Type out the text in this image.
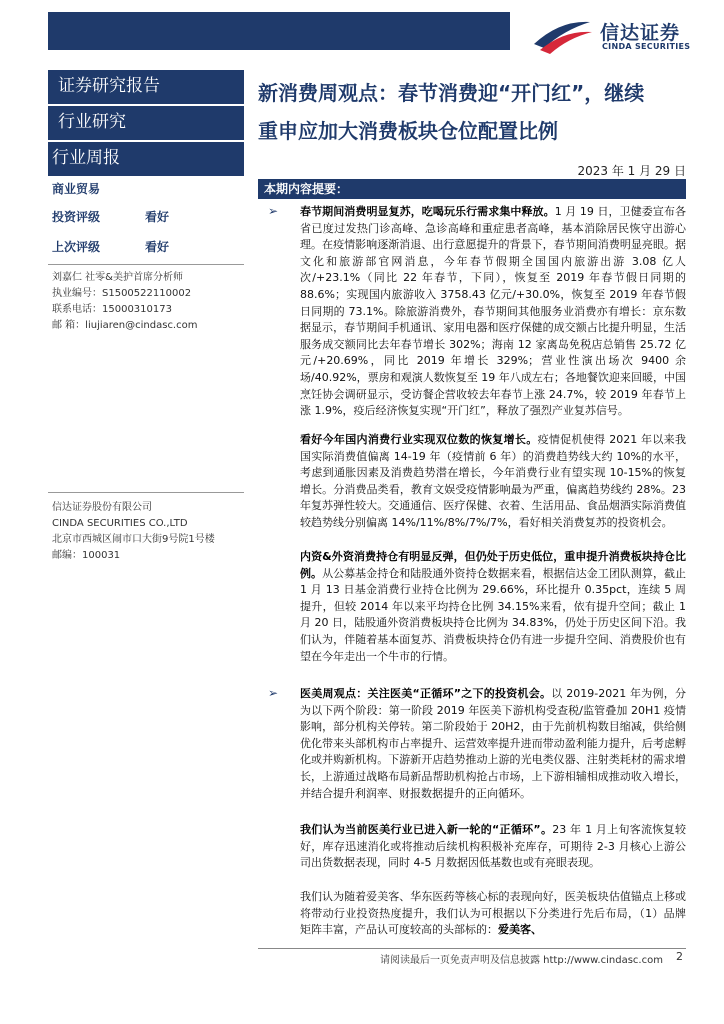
信达证券
CINDA SECURITIES
证券研究报告
行业研究
行业周报
商业贸易
投资评级	看好
上次评级	看好
刘嘉仁 社零&美护首席分析师
执业编号：S1500522110002
联系电话：15000310173
邮 箱：liujiaren@cindasc.com
信达证券股份有限公司
CINDA SECURITIES CO.,LTD
北京市西城区闹市口大街9号院1号楼
邮编：100031
新消费周观点：春节消费迎“开门红”，继续
重申应加大消费板块仓位配置比例
2023 年 1 月 29 日
本期内容提要：
➢ 春节期间消费明显复苏，吃喝玩乐行需求集中释放。1 月 19 日，卫健委宣布各省已度过发热门诊高峰、急诊高峰和重症患者高峰，基本消除居民恢守出游心理。在疫情影响逐渐消退、出行意愿提升的背景下，春节期间消费明显亮眼。据文化和旅游部官网消息，今年春节假期全国国内旅游出游 3.08 亿人次/+23.1%（同比 22 年春节，下同），恢复至 2019 年春节假日同期的 88.6%；实现国内旅游收入 3758.43 亿元/+30.0%，恢复至 2019 年春节假日同期的 73.1%。除旅游消费外，春节期间其他服务业消费亦有增长：京东数据显示，春节期间手机通讯、家用电器和医疗保健的成交额占比提升明显，生活服务成交额同比去年春节增长 302%；海南 12 家离岛免税店总销售 25.72 亿元/+20.69%，同比 2019 年增长 329%；营业性演出场次 9400 余场/40.92%，票房和观演人数恢复至 19 年八成左右；各地餐饮迎来回暖，中国烹饪协会调研显示，受访餐企营收较去年春节上涨 24.7%，较 2019 年春节上涨 1.9%，疫后经济恢复实现“开门红”，释放了强烈产业复苏信号。
看好今年国内消费行业实现双位数的恢复增长。疫情促机使得 2021 年以来我国实际消费值偏离 14-19 年（疫情前 6 年）的消费趋势线大约 10%的水平，考虑到通胀因素及消费趋势潜在增长，今年消费行业有望实现 10-15%的恢复增长。分消费品类看，教育文娱受疫情影响最为严重，偏离趋势线约 28%。23 年复苏弹性较大。交通通信、医疗保健、衣着、生活用品、食品烟酒实际消费值较趋势线分别偏离 14%/11%/8%/7%/7%，看好相关消费复苏的投资机会。
内资&外资消费持仓有明显反弹，但仍处于历史低位，重申提升消费板块持仓比例。从公募基金持仓和陆股通外资持仓数据来看，根据信达金工团队测算，截止 1 月 13 日基金消费行业持仓比例为 29.66%，环比提升 0.35pct，连续 5 周提升，但较 2014 年以来平均持仓比例 34.15%来看，依有提升空间；截止 1 月 20 日，陆股通外资消费板块持仓比例为 34.83%，仍处于历史区间下沿。我们认为，伴随着基本面复苏、消费板块持仓仍有进一步提升空间、消费股价也有望在今年走出一个牛市的行情。
➢ 医美周观点：关注医美“正循环”之下的投资机会。以 2019-2021 年为例，分为以下两个阶段：第一阶段 2019 年医美下游机构受查税/监管叠加 20H1 疫情影响，部分机构关停转。第二阶段始于 20H2，由于先前机构数目缩减，供给侧优化带来头部机构市占率提升、运营效率提升进而带动盈利能力提升，后考虑孵化或并购新机构。下游新开店趋势推动上游的光电类仪器、注射类耗材的需求增长，上游通过战略布局新品帮助机构抢占市场，上下游相辅相成推动收入增长，并结合提升利润率、财报数据提升的正向循环。
我们认为当前医美行业已进入新一轮的“正循环”。23 年 1 月上旬客流恢复较好，库存迅速消化或将推动后续机构积极补充库存，可期待 2-3 月核心上游公司出货数据表现，同时 4-5 月数据因低基数也或有亮眼表现。
我们认为随着爱美客、华东医药等核心标的表现向好，医美板块估值锚点上移或将带动行业投资热度提升，我们认为可根据以下分类进行先后布局，（1）品牌矩阵丰富，产品认可度较高的头部标的：爱美客、
请阅读最后一页免责声明及信息披露 http://www.cindasc.com 2
